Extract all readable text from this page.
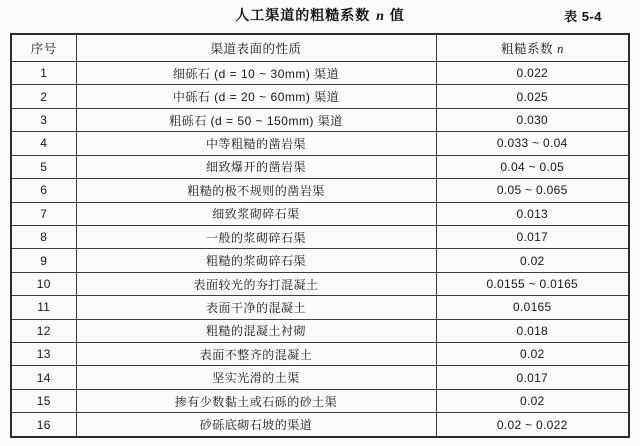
人工渠道的粗糙系数 n 值	表 5-4
序号	渠道表面的性质	粗糙系数 n
1	细砾石 (d = 10 ~ 30mm) 渠道	0.022
2	中砾石 (d = 20 ~ 60mm) 渠道	0.025
3	粗砾石 (d = 50 ~ 150mm) 渠道	0.030
4	中等粗糙的凿岩渠	0.033 ~ 0.04
5	细致爆开的凿岩渠	0.04 ~ 0.05
6	粗糙的极不规则的凿岩渠	0.05 ~ 0.065
7	细致浆砌碎石渠	0.013
8	一般的浆砌碎石渠	0.017
9	粗糙的浆砌碎石渠	0.02
10	表面较光的夯打混凝土	0.0155 ~ 0.0165
11	表面干净的混凝土	0.0165
12	粗糙的混凝土衬砌	0.018
13	表面不整齐的混凝土	0.02
14	坚实光滑的土渠	0.017
15	掺有少数黏土或石砾的砂土渠	0.02
16	砂砾底砌石坡的渠道	0.02 ~ 0.022
